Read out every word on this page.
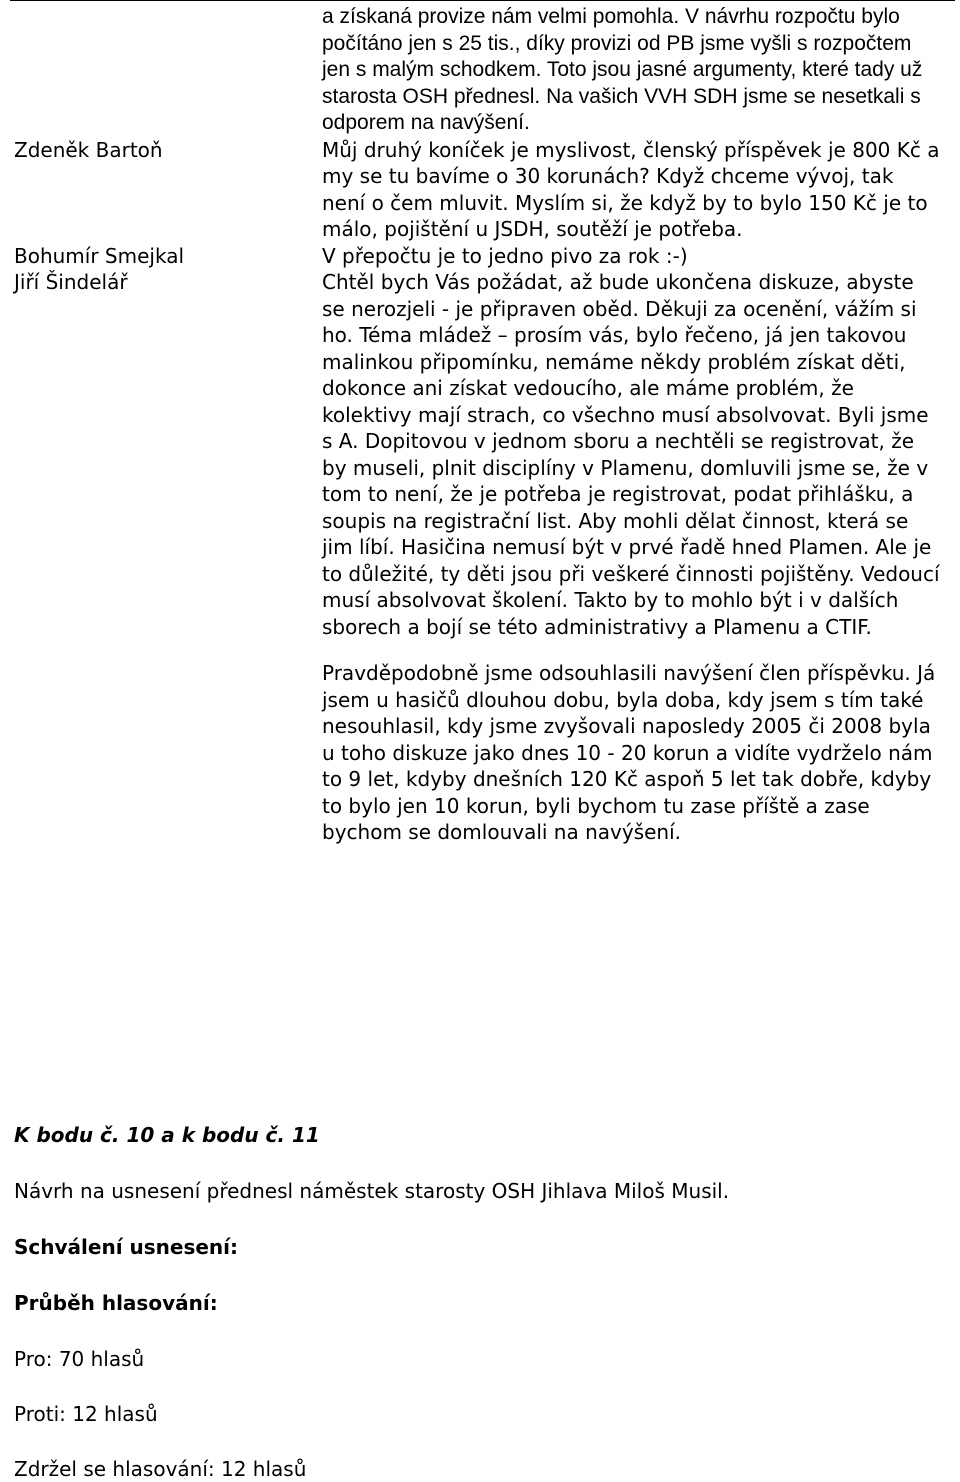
a získaná provize nám velmi pomohla. V návrhu rozpočtu bylo počítáno jen s 25 tis., díky provizi od PB jsme vyšli s rozpočtem jen s malým schodkem. Toto jsou jasné argumenty, které tady už starosta OSH přednesl. Na vašich VVH SDH jsme se nesetkali s odporem na navýšení.
Zdeněk Bartoň	Můj druhý koníček je myslivost, členský příspěvek je 800 Kč a my se tu bavíme o 30 korunách? Když chceme vývoj, tak není o čem mluvit. Myslím si, že když by to bylo 150 Kč je to málo, pojištění u JSDH, soutěží je potřeba.
Bohumír Smejkal	V přepočtu je to jedno pivo za rok :-)
Jiří Šindelář	Chtěl bych Vás požádat, až bude ukončena diskuze, abyste se nerozjeli - je připraven oběd. Děkuji za ocenění, vážím si ho. Téma mládež – prosím vás, bylo řečeno, já jen takovou malinkou připomínku, nemáme někdy problém získat děti, dokonce ani získat vedoucího, ale máme problém, že kolektivy mají strach, co všechno musí absolvovat. Byli jsme s A. Dopitovou v jednom sboru a nechtěli se registrovat, že by museli, plnit disciplíny v Plamenu, domluvili jsme se, že v tom to není, že je potřeba je registrovat, podat přihlášku, a soupis na registrační list. Aby mohli dělat činnost, která se jim líbí. Hasičina nemusí být v prvé řadě hned Plamen. Ale je to důležité, ty děti jsou při veškeré činnosti pojištěny. Vedoucí musí absolvovat školení. Takto by to mohlo být i v dalších sborech a bojí se této administrativy a Plamenu a CTIF.
Pravděpodobně jsme odsouhlasili navýšení člen příspěvku. Já jsem u hasičů dlouhou dobu, byla doba, kdy jsem s tím také nesouhlasil, kdy jsme zvyšovali naposledy 2005 či 2008 byla u toho diskuze jako dnes 10 - 20 korun a vidíte vydrželo nám to 9 let, kdyby dnešních 120 Kč aspoň 5 let tak dobře, kdyby to bylo jen 10 korun, byli bychom tu zase příště a zase bychom se domlouvali na navýšení.
K bodu č. 10 a k bodu č. 11
Návrh na usnesení přednesl náměstek starosty OSH Jihlava Miloš Musil.
Schválení usnesení:
Průběh hlasování:
Pro: 70 hlasů
Proti: 12 hlasů
Zdržel se hlasování: 12 hlasů
